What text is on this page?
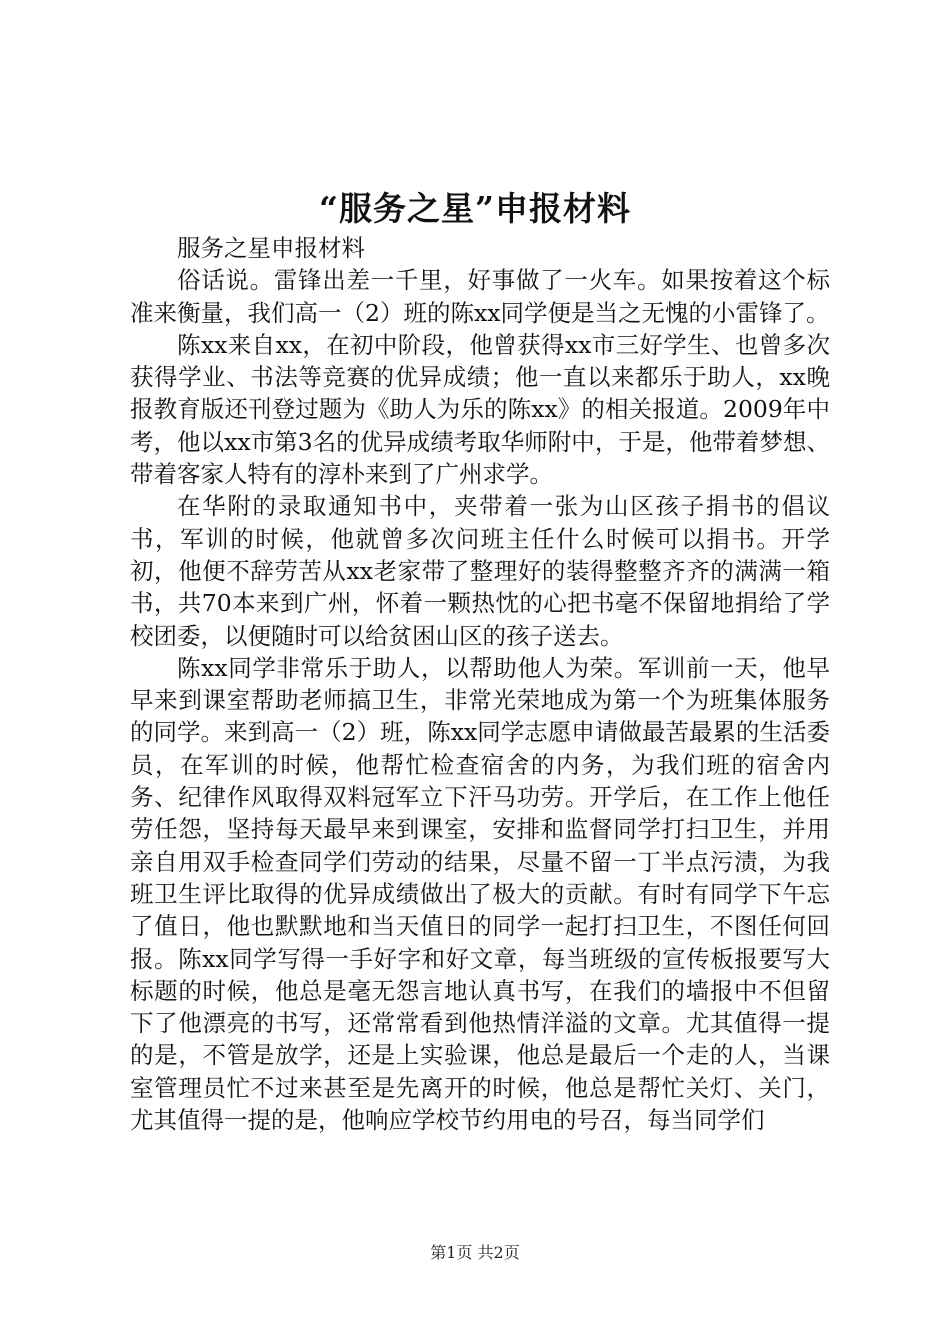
“服务之星”申报材料

服务之星申报材料

俗话说。雷锋出差一千里，好事做了一火车。如果按着这个标准来衡量，我们高一（2）班的陈xx同学便是当之无愧的小雷锋了。

陈xx来自xx，在初中阶段，他曾获得xx市三好学生、也曾多次获得学业、书法等竞赛的优异成绩；他一直以来都乐于助人，xx晚报教育版还刊登过题为《助人为乐的陈xx》的相关报道。2009年中考，他以xx市第3名的优异成绩考取华师附中，于是，他带着梦想、带着客家人特有的淳朴来到了广州求学。

在华附的录取通知书中，夹带着一张为山区孩子捐书的倡议书，军训的时候，他就曾多次问班主任什么时候可以捐书。开学初，他便不辞劳苦从xx老家带了整理好的装得整整齐齐的满满一箱书，共70本来到广州，怀着一颗热忱的心把书毫不保留地捐给了学校团委，以便随时可以给贫困山区的孩子送去。

陈xx同学非常乐于助人，以帮助他人为荣。军训前一天，他早早来到课室帮助老师搞卫生，非常光荣地成为第一个为班集体服务的同学。来到高一（2）班，陈xx同学志愿申请做最苦最累的生活委员，在军训的时候，他帮忙检查宿舍的内务，为我们班的宿舍内务、纪律作风取得双料冠军立下汗马功劳。开学后，在工作上他任劳任怨，坚持每天最早来到课室，安排和监督同学打扫卫生，并用亲自用双手检查同学们劳动的结果，尽量不留一丁半点污渍，为我班卫生评比取得的优异成绩做出了极大的贡献。有时有同学下午忘了值日，他也默默地和当天值日的同学一起打扫卫生，不图任何回报。陈xx同学写得一手好字和好文章，每当班级的宣传板报要写大标题的时候，他总是毫无怨言地认真书写，在我们的墙报中不但留下了他漂亮的书写，还常常看到他热情洋溢的文章。尤其值得一提的是，不管是放学，还是上实验课，他总是最后一个走的人，当课室管理员忙不过来甚至是先离开的时候，他总是帮忙关灯、关门，尤其值得一提的是，他响应学校节约用电的号召，每当同学们

第1页 共2页
